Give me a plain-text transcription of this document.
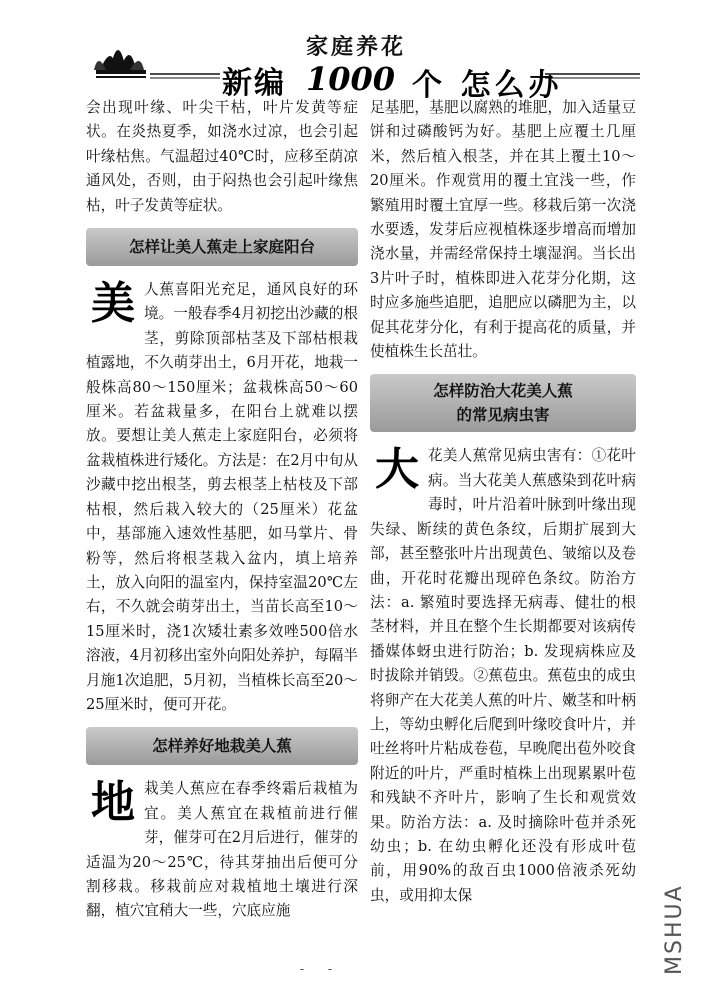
家庭养花
新编 1000 个 怎么办

会出现叶缘、叶尖干枯，叶片发黄等症状。在炎热夏季，如浇水过凉，也会引起叶缘枯焦。气温超过40℃时，应移至荫凉通风处，否则，由于闷热也会引起叶缘焦枯，叶子发黄等症状。

怎样让美人蕉走上家庭阳台
美 人蕉喜阳光充足，通风良好的环境。一般春季4月初挖出沙藏的根茎，剪除顶部枯茎及下部枯根栽植露地，不久萌芽出土，6月开花，地栽一般株高80～150厘米；盆栽株高50～60厘米。若盆栽量多，在阳台上就难以摆放。要想让美人蕉走上家庭阳台，必须将盆栽植株进行矮化。方法是：在2月中旬从沙藏中挖出根茎，剪去根茎上枯枝及下部枯根，然后栽入较大的（25厘米）花盆中，基部施入速效性基肥，如马掌片、骨粉等，然后将根茎栽入盆内，填上培养土，放入向阳的温室内，保持室温20℃左右，不久就会萌芽出土，当苗长高至10～15厘米时，浇1次矮壮素多效唑500倍水溶液，4月初移出室外向阳处养护，每隔半月施1次追肥，5月初，当植株长高至20～25厘米时，便可开花。

怎样养好地栽美人蕉
地 栽美人蕉应在春季终霜后栽植为宜。美人蕉宜在栽植前进行催芽，催芽可在2月后进行，催芽的适温为20～25℃，待其芽抽出后便可分割移栽。移栽前应对栽植地土壤进行深翻，植穴宜稍大一些，穴底应施

足基肥，基肥以腐熟的堆肥，加入适量豆饼和过磷酸钙为好。基肥上应覆土几厘米，然后植入根茎，并在其上覆土10～20厘米。作观赏用的覆土宜浅一些，作繁殖用时覆土宜厚一些。移栽后第一次浇水要透，发芽后应视植株逐步增高而增加浇水量，并需经常保持土壤湿润。当长出3片叶子时，植株即进入花芽分化期，这时应多施些追肥，追肥应以磷肥为主，以促其花芽分化，有利于提高花的质量，并使植株生长茁壮。

怎样防治大花美人蕉
的常见病虫害
大 花美人蕉常见病虫害有：①花叶病。当大花美人蕉感染到花叶病毒时，叶片沿着叶脉到叶缘出现失绿、断续的黄色条纹，后期扩展到大部，甚至整张叶片出现黄色、皱缩以及卷曲，开花时花瓣出现碎色条纹。防治方法：a. 繁殖时要选择无病毒、健壮的根茎材料，并且在整个生长期都要对该病传播媒体蚜虫进行防治；b. 发现病株应及时拔除并销毁。②蕉苞虫。蕉苞虫的成虫将卵产在大花美人蕉的叶片、嫩茎和叶柄上，等幼虫孵化后爬到叶缘咬食叶片，并吐丝将叶片粘成卷苞，早晚爬出苞外咬食附近的叶片，严重时植株上出现累累叶苞和残缺不齐叶片，影响了生长和观赏效果。防治方法：a. 及时摘除叶苞并杀死幼虫；b. 在幼虫孵化还没有形成叶苞前，用90%的敌百虫1000倍液杀死幼虫，或用抑太保

- -	MSHUA
